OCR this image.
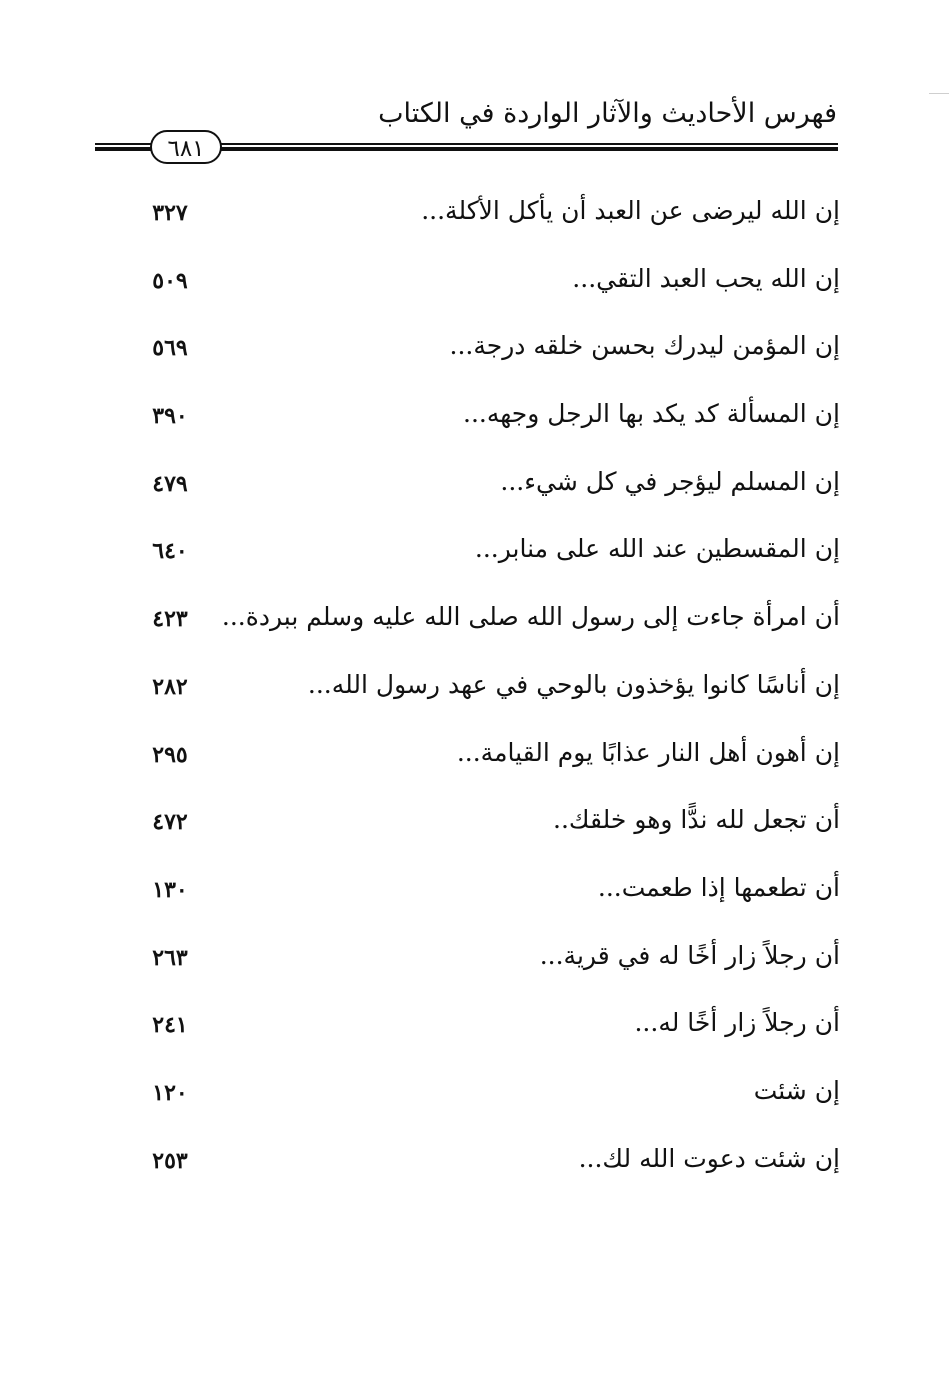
فهرس الأحاديث والآثار الواردة في الكتاب
٦٨١
إن الله ليرضى عن العبد أن يأكل الأكلة...
٣٢٧
إن الله يحب العبد التقي...
٥٠٩
إن المؤمن ليدرك بحسن خلقه درجة...
٥٦٩
إن المسألة كد يكد بها الرجل وجهه...
٣٩٠
إن المسلم ليؤجر في كل شيء...
٤٧٩
إن المقسطين عند الله على منابر...
٦٤٠
أن امرأة جاءت إلى رسول الله صلى الله عليه وسلم ببردة...
٤٢٣
إن أناسًا كانوا يؤخذون بالوحي في عهد رسول الله...
٢٨٢
إن أهون أهل النار عذابًا يوم القيامة...
٢٩٥
أن تجعل لله ندًّا وهو خلقك..
٤٧٢
أن تطعمها إذا طعمت...
١٣٠
أن رجلاً زار أخًا له في قرية...
٢٦٣
أن رجلاً زار أخًا له...
٢٤١
إن شئت
١٢٠
إن شئت دعوت الله لك...
٢٥٣
